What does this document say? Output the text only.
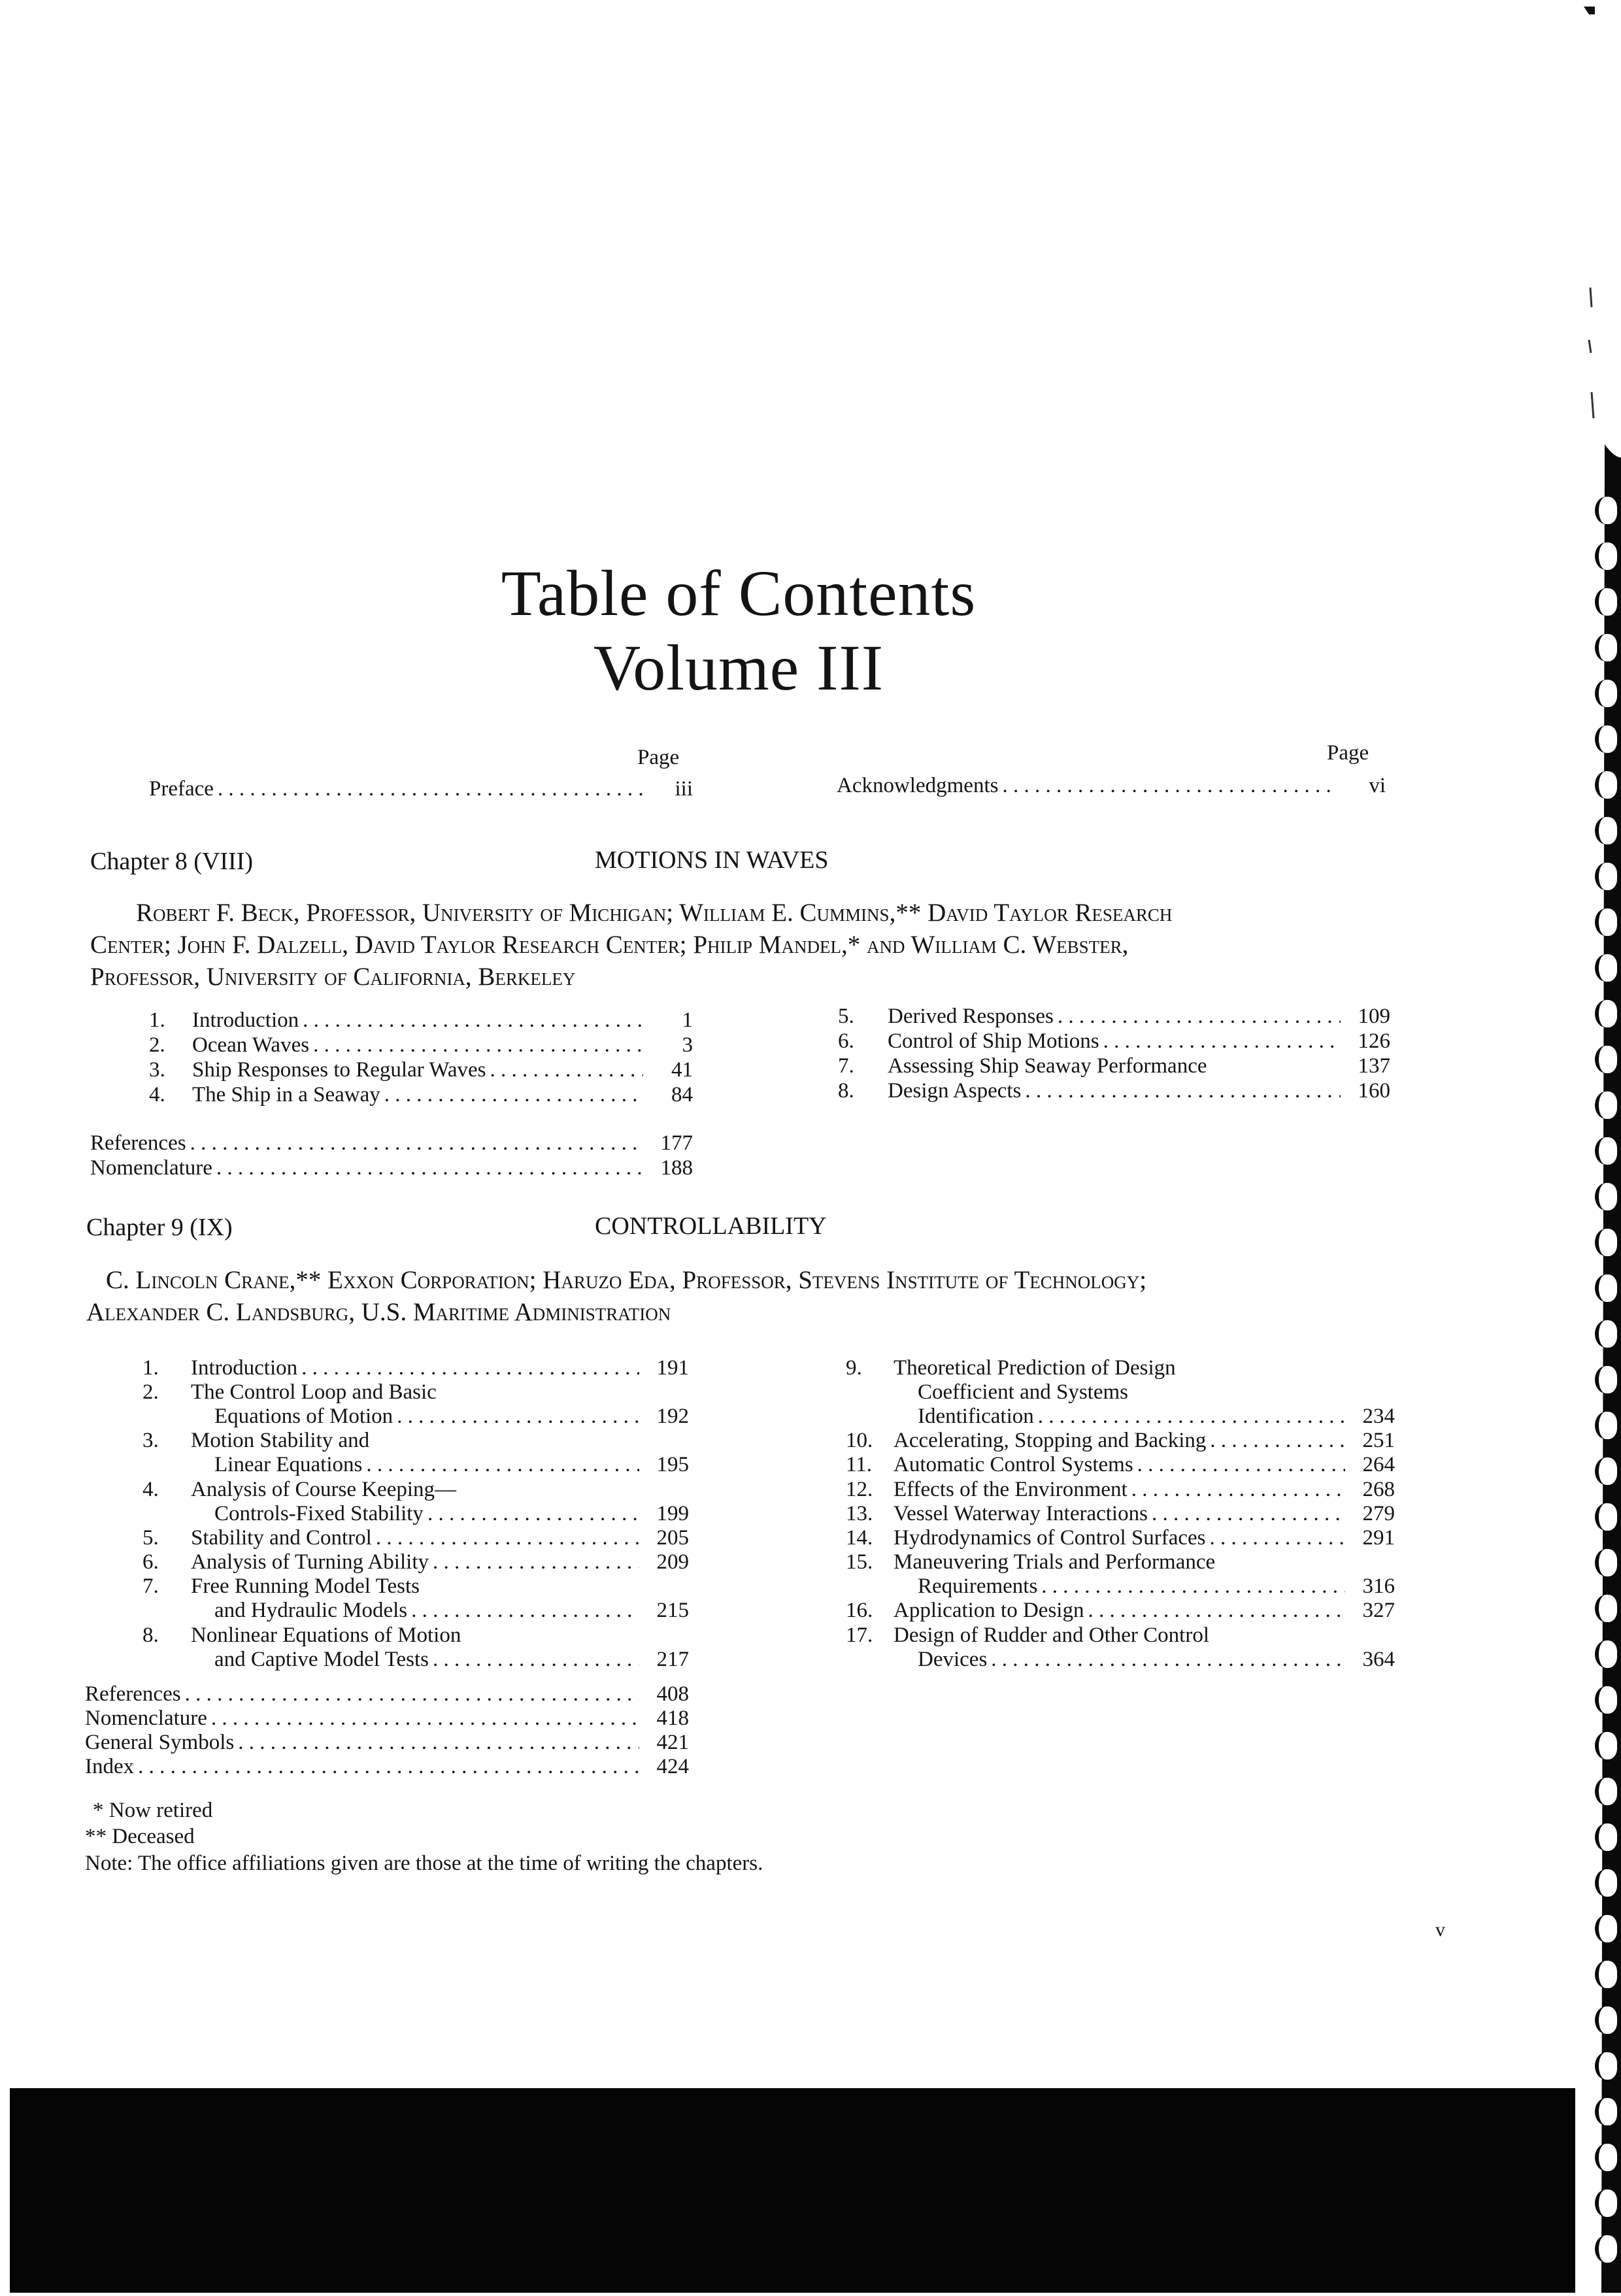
Table of Contents
Volume III
Page	Page
Preface . . .	iii	Acknowledgments . . .	vi
Chapter 8 (VIII)	MOTIONS IN WAVES
Robert F. Beck, Professor, University of Michigan; William E. Cummins,** David Taylor Research
Center; John F. Dalzell, David Taylor Research Center; Philip Mandel,* and William C. Webster,
Professor, University of California, Berkeley
1.	Introduction . . .	1
2.	Ocean Waves . . .	3
3.	Ship Responses to Regular Waves . . .	41
4.	The Ship in a Seaway . . .	84
5.	Derived Responses . . .	109
6.	Control of Ship Motions . . .	126
7.	Assessing Ship Seaway Performance	137
8.	Design Aspects . . .	160
References . . .	177
Nomenclature . . .	188
Chapter 9 (IX)	CONTROLLABILITY
C. Lincoln Crane,** Exxon Corporation; Haruzo Eda, Professor, Stevens Institute of Technology;
Alexander C. Landsburg, U.S. Maritime Administration
1.	Introduction . . .	191
2. The Control Loop and Basic
Equations of Motion . . .	192
3. Motion Stability and
Linear Equations . . .	195
4. Analysis of Course Keeping—
Controls-Fixed Stability . . .	199
5.	Stability and Control . . .	205
6.	Analysis of Turning Ability . . .	209
7. Free Running Model Tests
and Hydraulic Models . . .	215
8. Nonlinear Equations of Motion
and Captive Model Tests . . .	217
9. Theoretical Prediction of Design
Coefficient and Systems
Identification . . .	234
10. Accelerating, Stopping and Backing . . .	251
11. Automatic Control Systems . . .	264
12. Effects of the Environment . . .	268
13. Vessel Waterway Interactions . . .	279
14. Hydrodynamics of Control Surfaces . . .	291
15. Maneuvering Trials and Performance
Requirements . . .	316
16. Application to Design . . .	327
17. Design of Rudder and Other Control
Devices . . .	364
References . . .	408
Nomenclature . . .	418
General Symbols . . .	421
Index . . .	424
* Now retired
** Deceased
Note: The office affiliations given are those at the time of writing the chapters.
v
